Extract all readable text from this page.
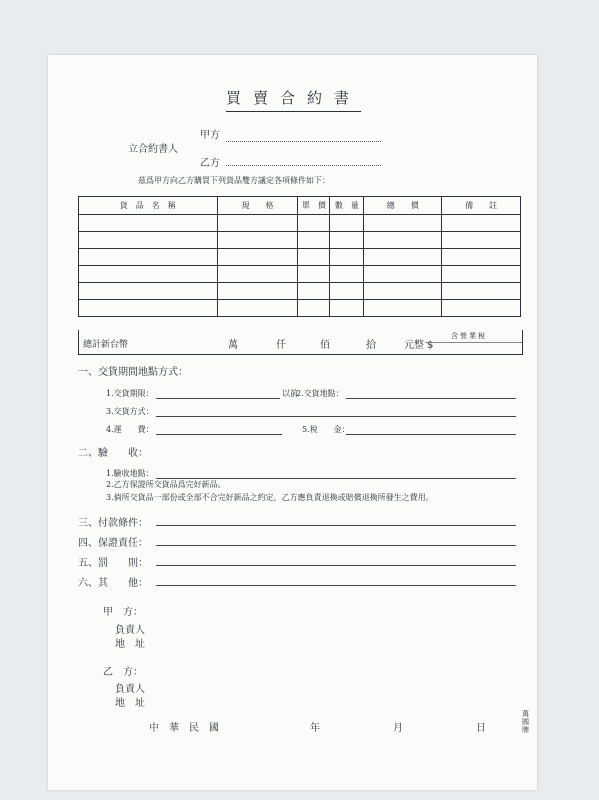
買賣合約書
立合約書人
甲方
乙方
茲爲甲方向乙方購買下列貨品雙方議定各項條件如下：
貨　品　名　稱	規　　格	單　價	數　量	總　　價	備　　註

總計新台幣	萬	仟	佰	拾	元整
含營業稅
$
一、交貨期間地點方式：
1.交貨期限：	以前
2.交貨地點：
3.交貨方式：
4.運　　費：	5.稅　　金：
二、驗　　收：
1.驗收地點：
2.乙方保證所交貨品爲完好新品。
3.倘所交貨品一部份或全部不合完好新品之約定，乙方應負責退換或賠償退換所發生之費用。
三、付款條件：
四、保證責任：
五、罰　　則：
六、其　　他：
甲　方：
負責人
地　址
乙　方：
負責人
地　址
中　華　民　國	年	月	日
萬國牌
